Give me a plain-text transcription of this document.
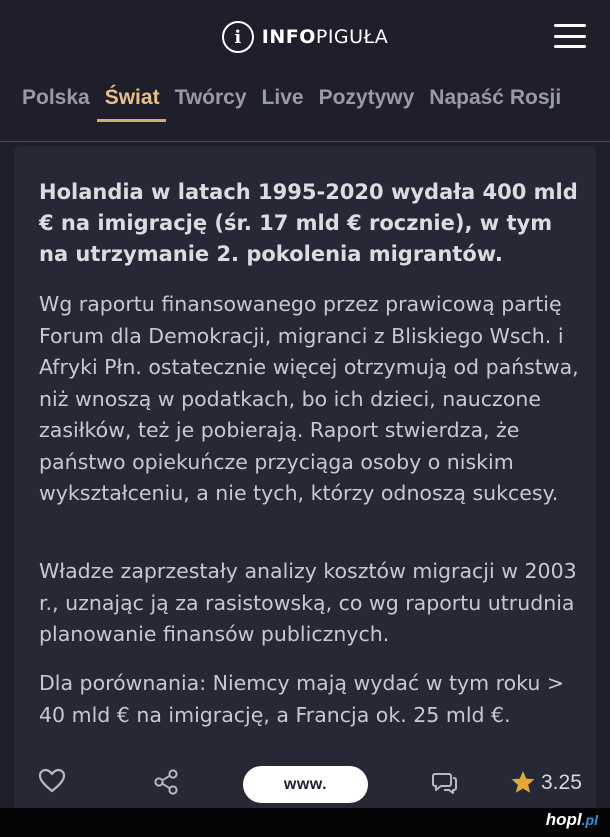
i	INFOPIGUŁA
Polska Świat Twórcy Live Pozytywy Napaść Rosji
Holandia w latach 1995-2020 wydała 400 mld € na imigrację (śr. 17 mld € rocznie), w tym na utrzymanie 2. pokolenia migrantów.
Wg raportu finansowanego przez prawicową partię Forum dla Demokracji, migranci z Bliskiego Wsch. i Afryki Płn. ostatecznie więcej otrzymują od państwa, niż wnoszą w podatkach, bo ich dzieci, nauczone zasiłków, też je pobierają. Raport stwierdza, że państwo opiekuńcze przyciąga osoby o niskim wykształceniu, a nie tych, którzy odnoszą sukcesy.
Władze zaprzestały analizy kosztów migracji w 2003 r., uznając ją za rasistowską, co wg raportu utrudnia planowanie finansów publicznych.
Dla porównania: Niemcy mają wydać w tym roku > 40 mld € na imigrację, a Francja ok. 25 mld €.
www.	3.25
hopl.pl
